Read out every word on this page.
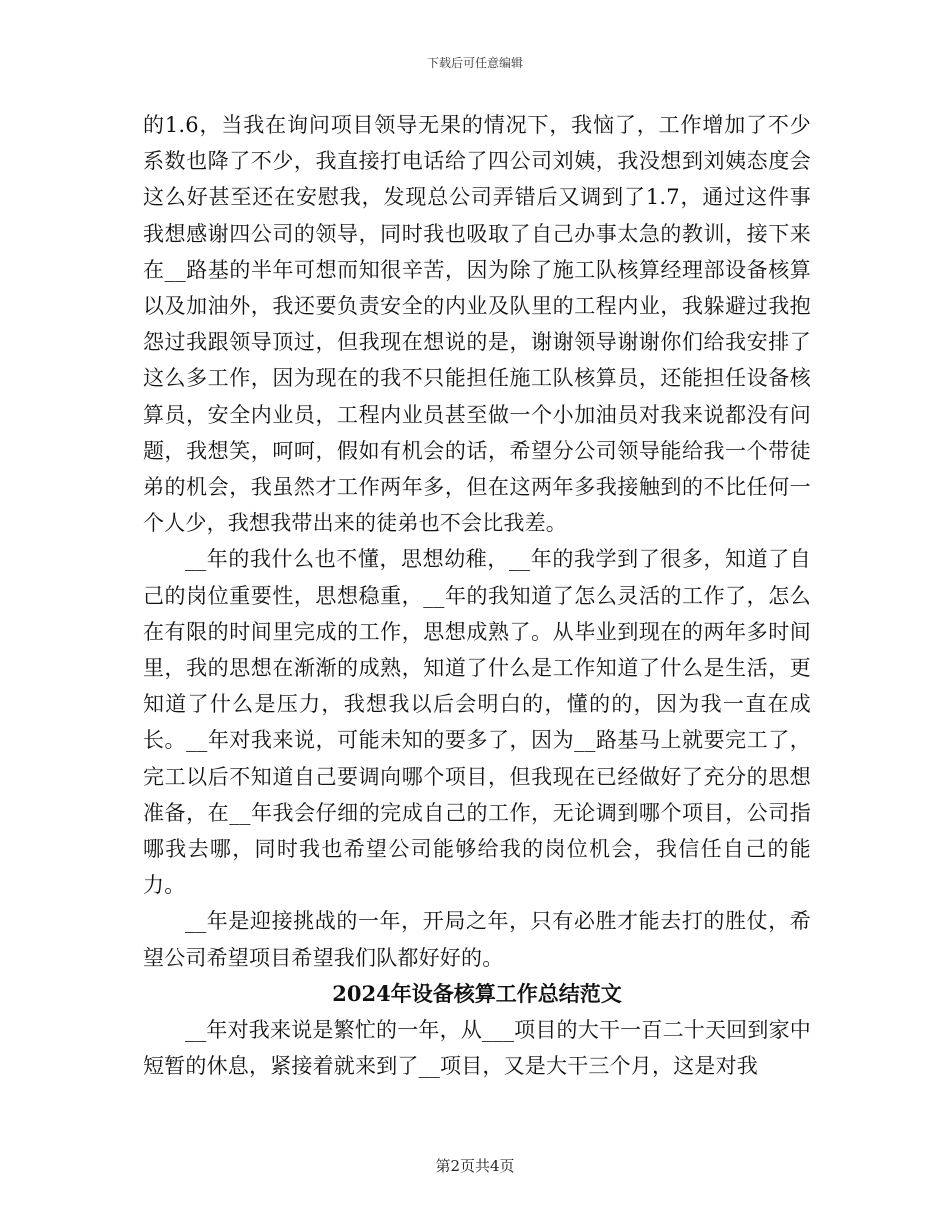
下载后可任意编辑

的1.6，当我在询问项目领导无果的情况下，我恼了，工作增加了不少系数也降了不少，我直接打电话给了四公司刘姨，我没想到刘姨态度会这么好甚至还在安慰我，发现总公司弄错后又调到了1.7，通过这件事我想感谢四公司的领导，同时我也吸取了自己办事太急的教训，接下来在__路基的半年可想而知很辛苦，因为除了施工队核算经理部设备核算以及加油外，我还要负责安全的内业及队里的工程内业，我躲避过我抱怨过我跟领导顶过，但我现在想说的是，谢谢领导谢谢你们给我安排了这么多工作，因为现在的我不只能担任施工队核算员，还能担任设备核算员，安全内业员，工程内业员甚至做一个小加油员对我来说都没有问题，我想笑，呵呵，假如有机会的话，希望分公司领导能给我一个带徒弟的机会，我虽然才工作两年多，但在这两年多我接触到的不比任何一个人少，我想我带出来的徒弟也不会比我差。

__年的我什么也不懂，思想幼稚，__年的我学到了很多，知道了自己的岗位重要性，思想稳重，__年的我知道了怎么灵活的工作了，怎么在有限的时间里完成的工作，思想成熟了。从毕业到现在的两年多时间里，我的思想在渐渐的成熟，知道了什么是工作知道了什么是生活，更知道了什么是压力，我想我以后会明白的，懂的的，因为我一直在成长。__年对我来说，可能未知的要多了，因为__路基马上就要完工了，完工以后不知道自己要调向哪个项目，但我现在已经做好了充分的思想准备，在__年我会仔细的完成自己的工作，无论调到哪个项目，公司指哪我去哪，同时我也希望公司能够给我的岗位机会，我信任自己的能力。

__年是迎接挑战的一年，开局之年，只有必胜才能去打的胜仗，希望公司希望项目希望我们队都好好的。

2024年设备核算工作总结范文

__年对我来说是繁忙的一年，从___项目的大干一百二十天回到家中短暂的休息，紧接着就来到了__项目，又是大干三个月，这是对我

第2页共4页
